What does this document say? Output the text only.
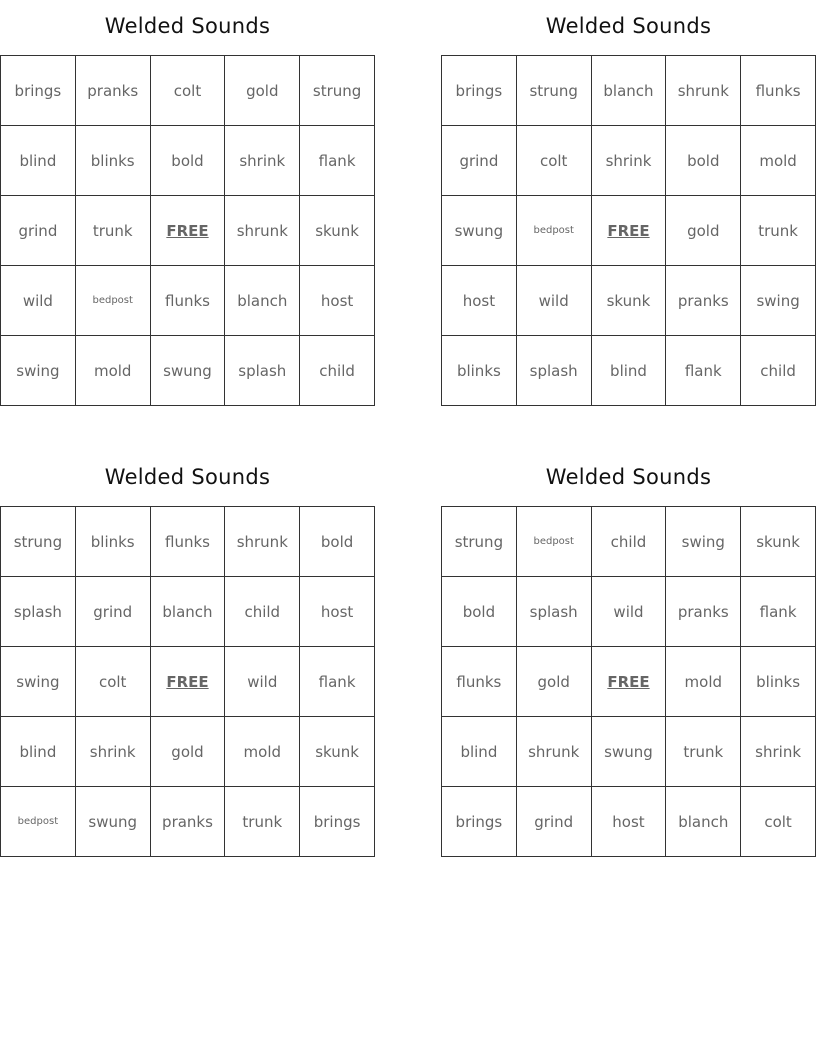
Welded Sounds
brings	pranks	colt	gold	strung
blind	blinks	bold	shrink	flank
grind	trunk	FREE	shrunk	skunk
wild	bedpost	flunks	blanch	host
swing	mold	swung	splash	child
Welded Sounds
brings	strung	blanch	shrunk	flunks
grind	colt	shrink	bold	mold
swung	bedpost	FREE	gold	trunk
host	wild	skunk	pranks	swing
blinks	splash	blind	flank	child
Welded Sounds
strung	blinks	flunks	shrunk	bold
splash	grind	blanch	child	host
swing	colt	FREE	wild	flank
blind	shrink	gold	mold	skunk
bedpost	swung	pranks	trunk	brings
Welded Sounds
strung	bedpost	child	swing	skunk
bold	splash	wild	pranks	flank
flunks	gold	FREE	mold	blinks
blind	shrunk	swung	trunk	shrink
brings	grind	host	blanch	colt
